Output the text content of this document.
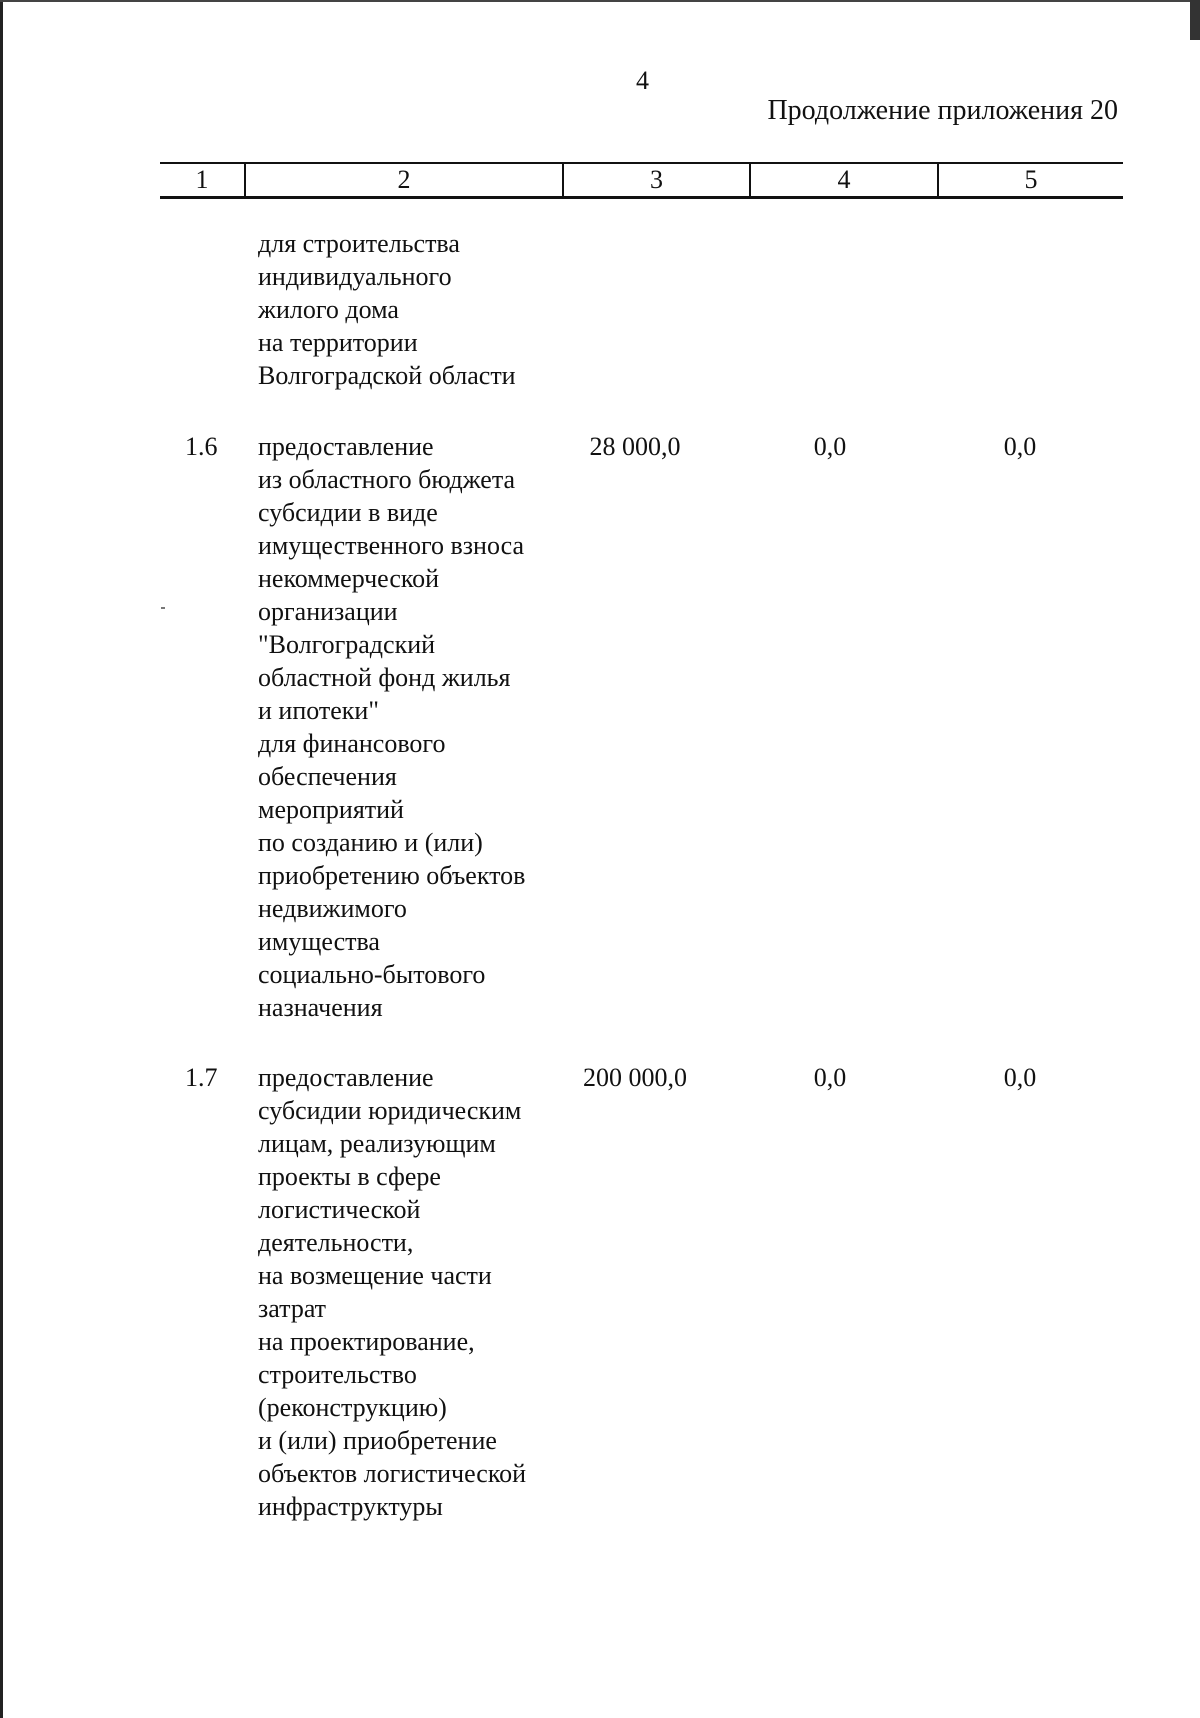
4
Продолжение приложения 20
1	2	3	4	5
для строительства
индивидуального
жилого дома
на территории
Волгоградской области
1.6 предоставление
из областного бюджета
субсидии в виде
имущественного взноса
некоммерческой
организации
"Волгоградский
областной фонд жилья
и ипотеки"
для финансового
обеспечения
мероприятий
по созданию и (или)
приобретению объектов
недвижимого
имущества
социально-бытового
назначения
28 000,0	0,0	0,0
1.7 предоставление
субсидии юридическим
лицам, реализующим
проекты в сфере
логистической
деятельности,
на возмещение части
затрат
на проектирование,
строительство
(реконструкцию)
и (или) приобретение
объектов логистической
инфраструктуры
200 000,0	0,0	0,0
